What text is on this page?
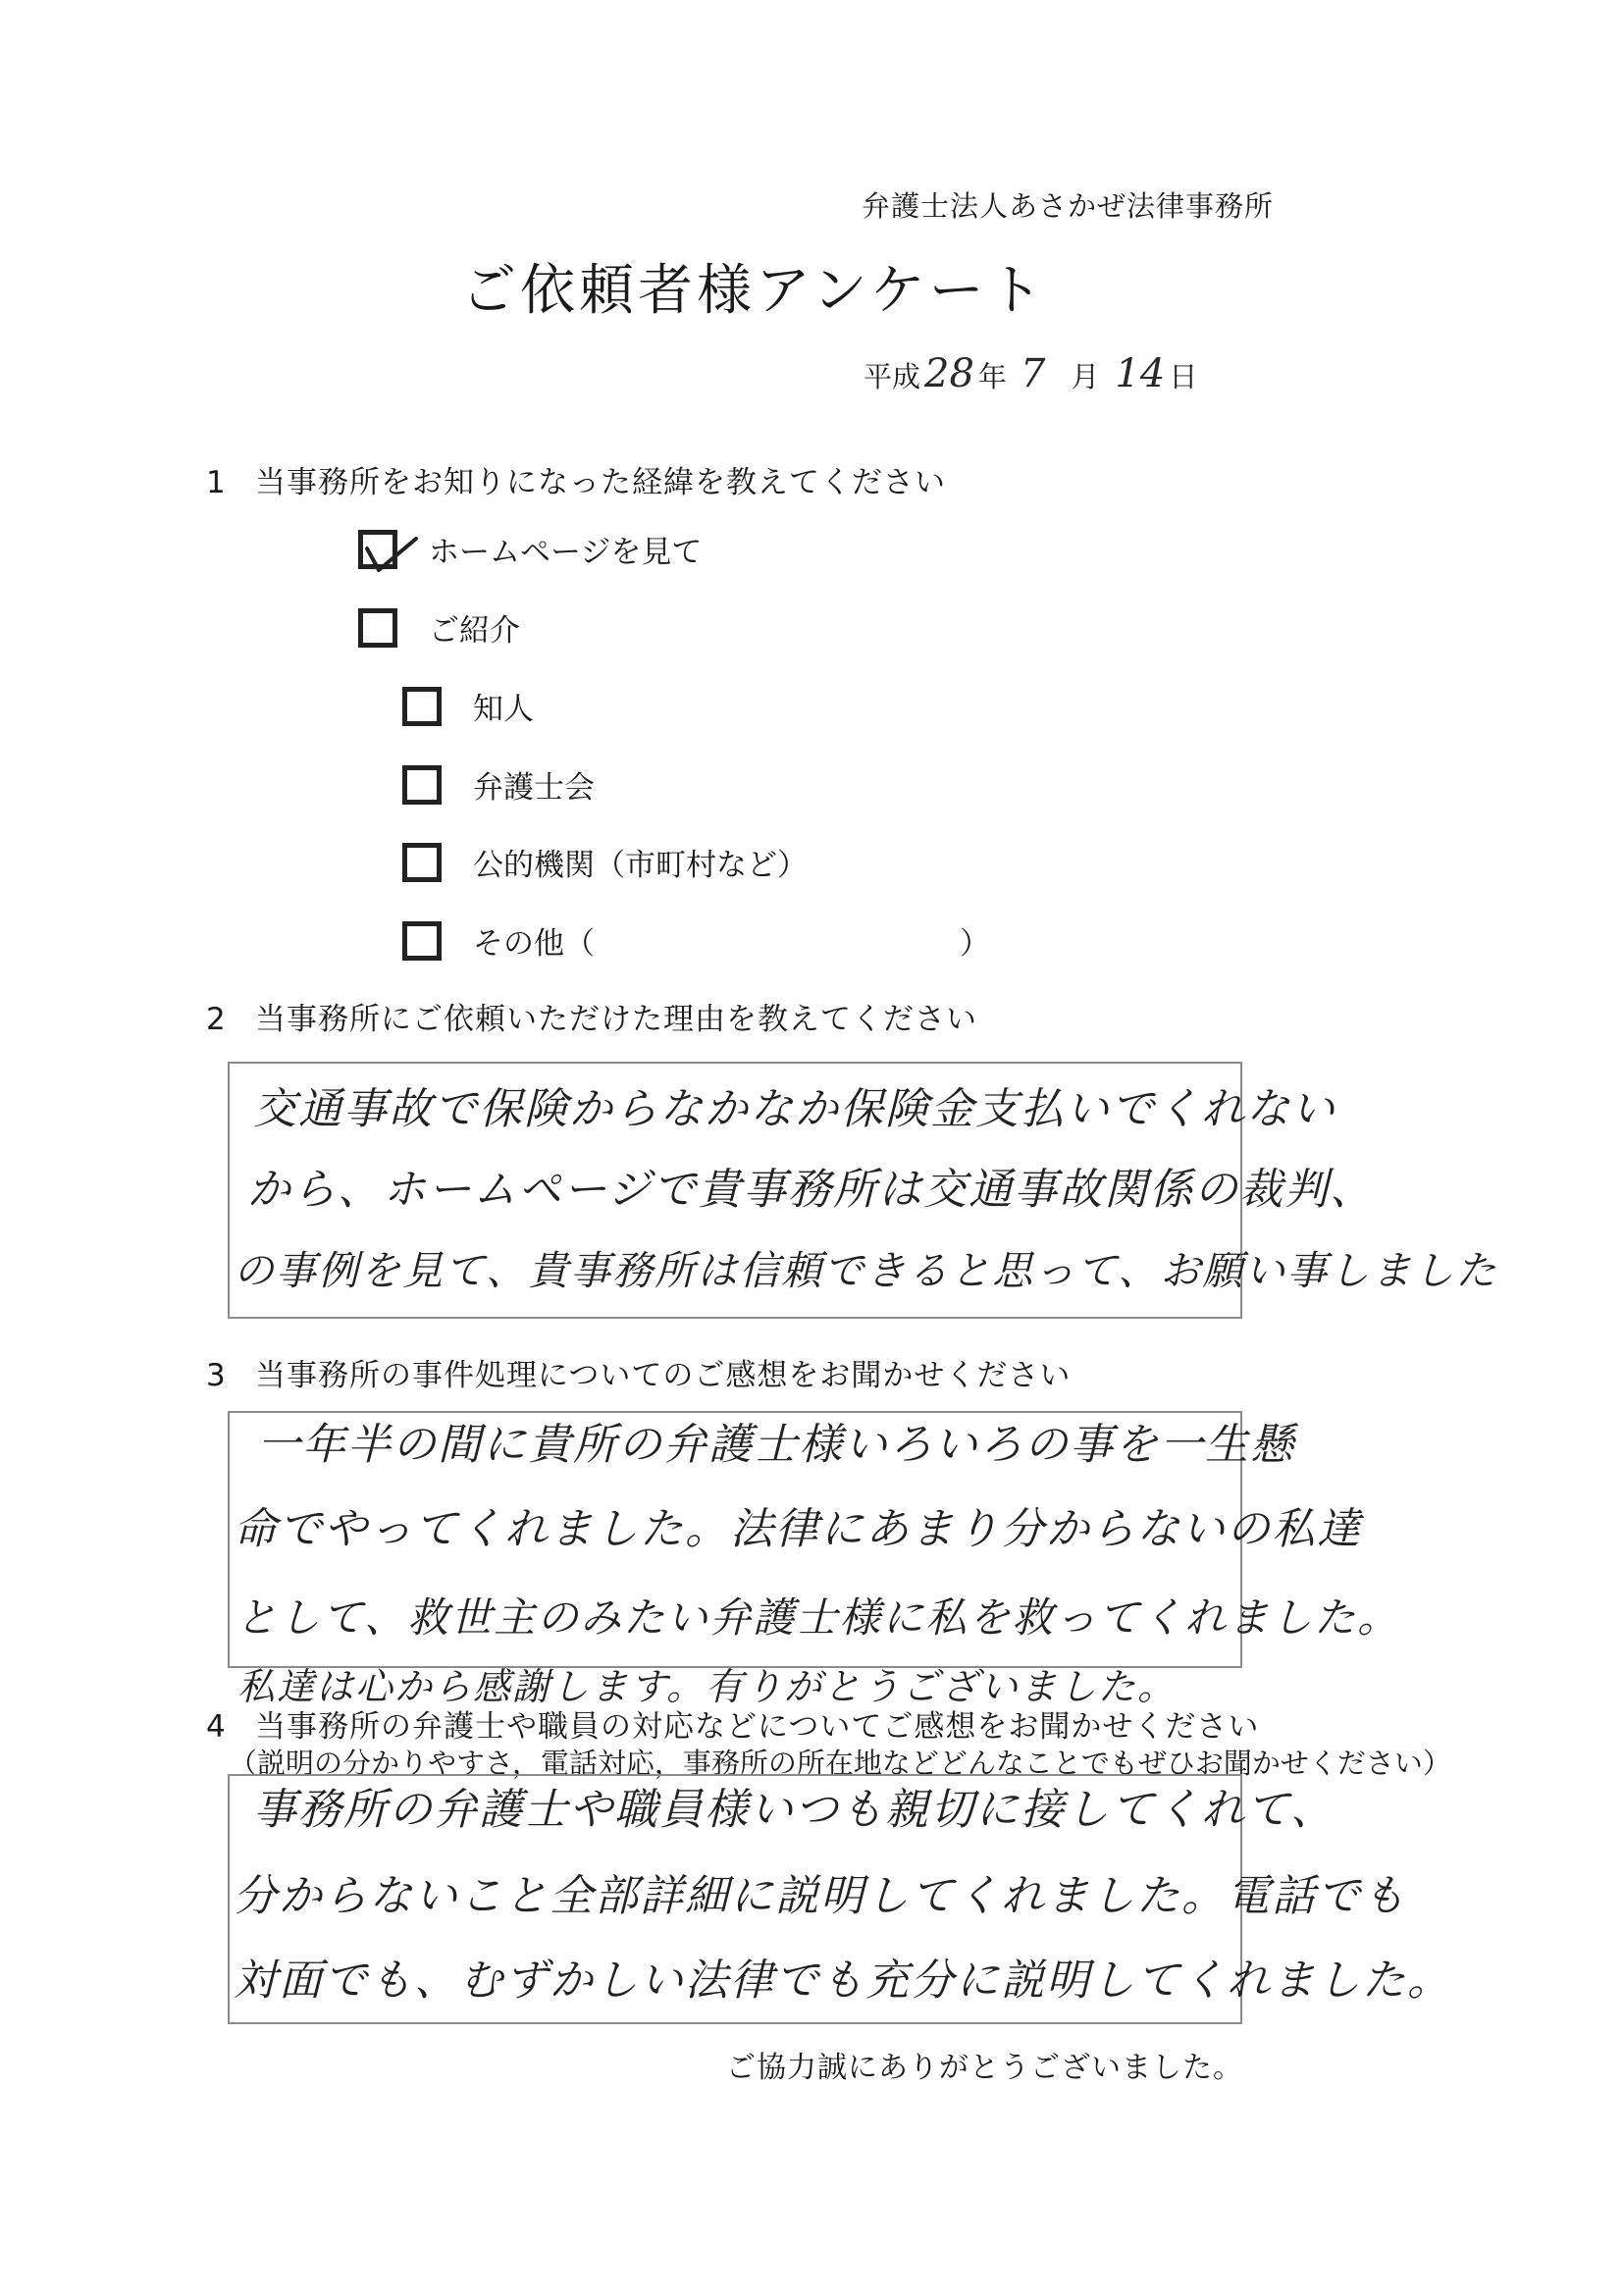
弁護士法人あさかぜ法律事務所
ご依頼者様アンケート
平成 28 年 7 月 14 日
1 当事務所をお知りになった経緯を教えてください
ホームページを見て
ご紹介
知人
弁護士会
公的機関（市町村など）
その他（　　　　　　　　　　　　）
2 当事務所にご依頼いただけた理由を教えてください
交通事故で保険からなかなか保険金支払いでくれない
から、ホームページで貴事務所は交通事故関係の裁判、
の事例を見て、貴事務所は信頼できると思って、お願い事しました
3 当事務所の事件処理についてのご感想をお聞かせください
一年半の間に貴所の弁護士様いろいろの事を一生懸
命でやってくれました。法律にあまり分からないの私達
として、救世主のみたい弁護士様に私を救ってくれました。
私達は心から感謝します。有りがとうございました。
4 当事務所の弁護士や職員の対応などについてご感想をお聞かせください
（説明の分かりやすさ，電話対応，事務所の所在地などどんなことでもぜひお聞かせください）
事務所の弁護士や職員様いつも親切に接してくれて、
分からないこと全部詳細に説明してくれました。電話でも
対面でも、むずかしい法律でも充分に説明してくれました。
ご協力誠にありがとうございました。
